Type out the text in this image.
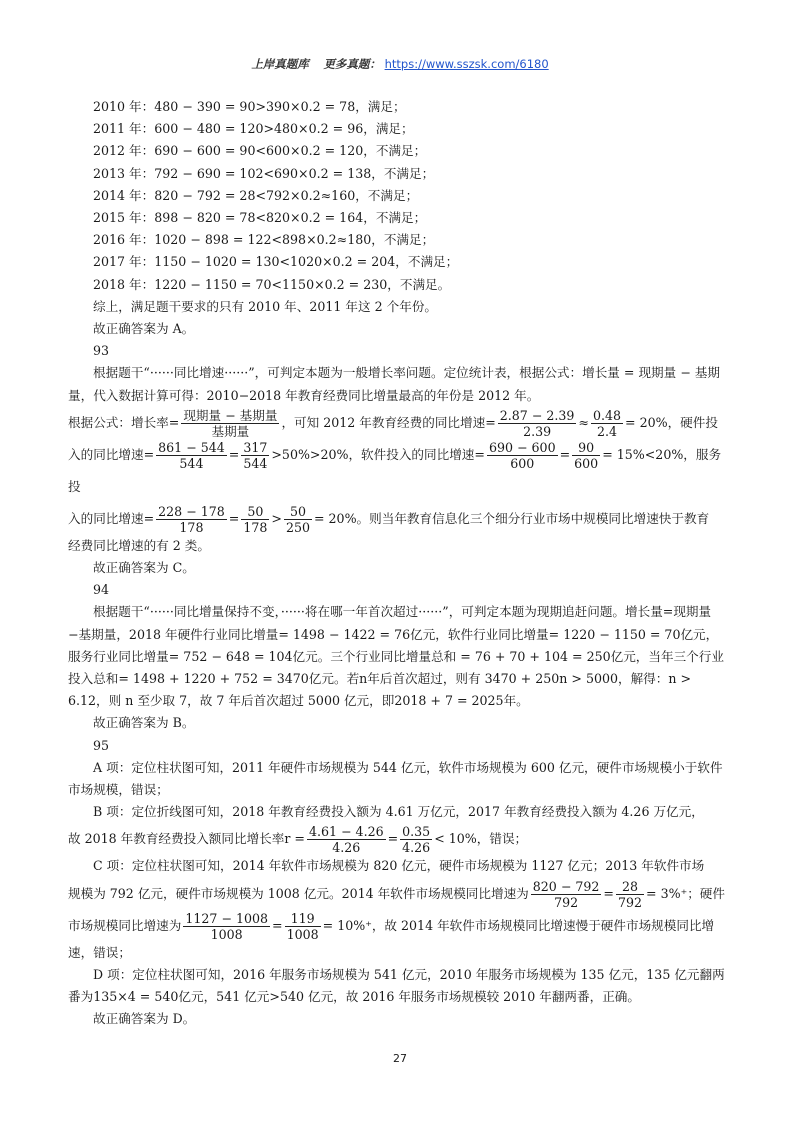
上岸真题库 更多真题： https://www.sszsk.com/6180

2010 年：480 − 390 = 90>390×0.2 = 78，满足；

2011 年：600 − 480 = 120>480×0.2 = 96，满足；

2012 年：690 − 600 = 90<600×0.2 = 120，不满足；

2013 年：792 − 690 = 102<690×0.2 = 138，不满足；

2014 年：820 − 792 = 28<792×0.2≈160，不满足；

2015 年：898 − 820 = 78<820×0.2 = 164，不满足；

2016 年：1020 − 898 = 122<898×0.2≈180，不满足；

2017 年：1150 − 1020 = 130<1020×0.2 = 204，不满足；

2018 年：1220 − 1150 = 70<1150×0.2 = 230，不满足。

综上，满足题干要求的只有 2010 年、2011 年这 2 个年份。

故正确答案为 A。

93

根据题干“······同比增速······”，可判定本题为一般增长率问题。定位统计表，根据公式：增长量 = 现期量 − 基期量，代入数据计算可得：2010−2018 年教育经费同比增量最高的年份是 2012 年。

根据公式：增长率= $\frac{\text{现期量 − 基期量}}{\text{基期量}}$ ，可知 2012 年教育经费的同比增速= $\frac{2.87 - 2.39}{2.39} \approx \frac{0.48}{2.4} = 20\%$，硬件投

入的同比增速= $\frac{861 - 544}{544} = \frac{317}{544} >50\%>20\%$，软件投入的同比增速= $\frac{690 - 600}{600} = \frac{90}{600} = 15\%<20\%$，服务投

入的同比增速= $\frac{228 - 178}{178} = \frac{50}{178} > \frac{50}{250} = 20\%$。则当年教育信息化三个细分行业市场中规模同比增速快于教育

经费同比增速的有 2 类。

故正确答案为 C。

94

根据题干“······同比增量保持不变，······将在哪一年首次超过······”，可判定本题为现期追赶问题。增长量=现期量−基期量，2018 年硬件行业同比增量= 1498 − 1422 = 76亿元，软件行业同比增量= 1220 − 1150 = 70亿元，服务行业同比增量= 752 − 648 = 104亿元。三个行业同比增量总和 = 76 + 70 + 104 = 250亿元，当年三个行业投入总和= 1498 + 1220 + 752 = 3470亿元。若n年后首次超过，则有 3470 + 250n > 5000，解得：n > 6.12，则 n 至少取 7，故 7 年后首次超过 5000 亿元，即2018 + 7 = 2025年。

故正确答案为 B。

95

A 项：定位柱状图可知，2011 年硬件市场规模为 544 亿元，软件市场规模为 600 亿元，硬件市场规模小于软件市场规模，错误；

B 项：定位折线图可知，2018 年教育经费投入额为 4.61 万亿元，2017 年教育经费投入额为 4.26 万亿元，

故 2018 年教育经费投入额同比增长率$r = \frac{4.61 - 4.26}{4.26} = \frac{0.35}{4.26} < 10\%$，错误；

C 项：定位柱状图可知，2014 年软件市场规模为 820 亿元，硬件市场规模为 1127 亿元；2013 年软件市场

规模为 792 亿元，硬件市场规模为 1008 亿元。2014 年软件市场规模同比增速为 $\frac{820 - 792}{792} = \frac{28}{792} = 3\%^+$；硬件

市场规模同比增速为 $\frac{1127 - 1008}{1008} = \frac{119}{1008} = 10\%^+$，故 2014 年软件市场规模同比增速慢于硬件市场规模同比增

速，错误；

D 项：定位柱状图可知，2016 年服务市场规模为 541 亿元，2010 年服务市场规模为 135 亿元，135 亿元翻两番为135×4 = 540亿元，541 亿元>540 亿元，故 2016 年服务市场规模较 2010 年翻两番，正确。

故正确答案为 D。

27
